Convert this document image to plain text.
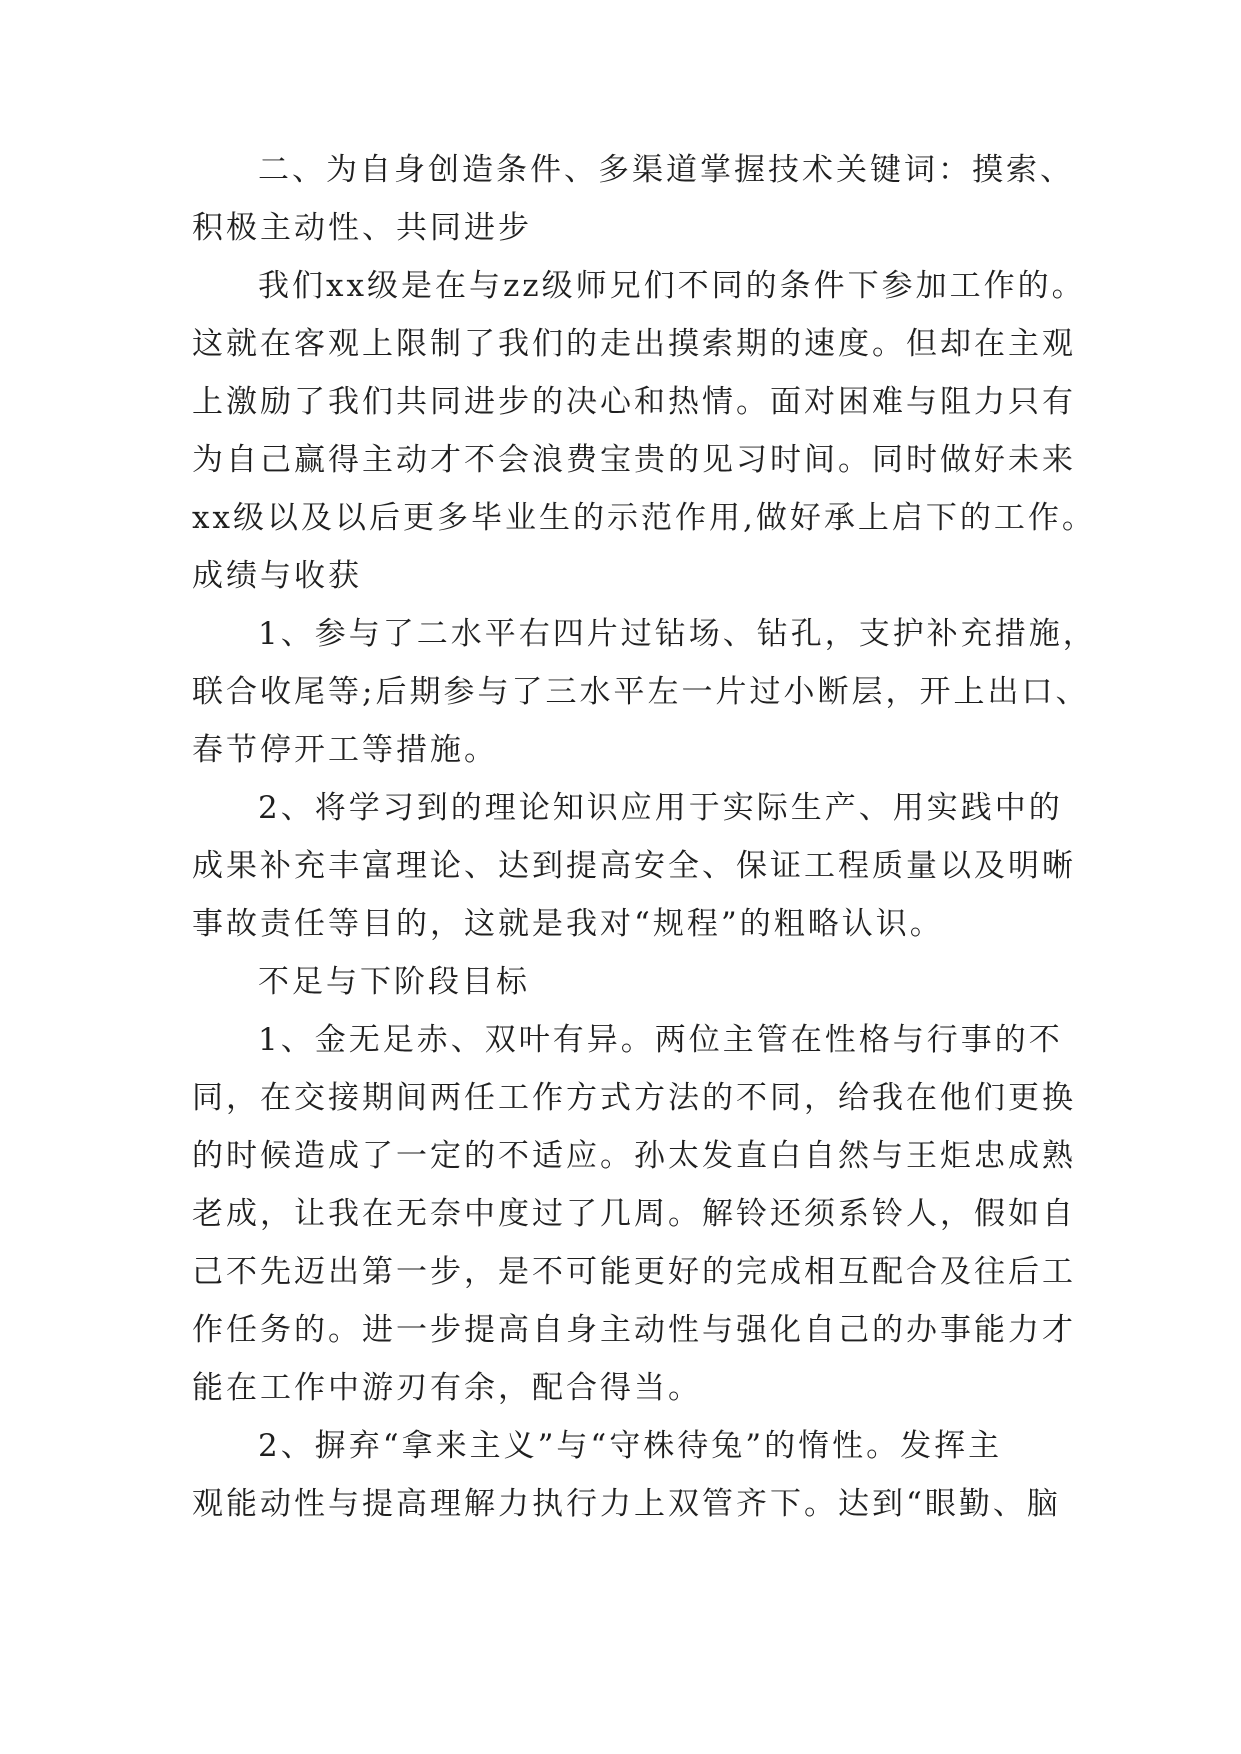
二、为自身创造条件、多渠道掌握技术关键词：摸索、

积极主动性、共同进步

我们xx级是在与zz级师兄们不同的条件下参加工作的。

这就在客观上限制了我们的走出摸索期的速度。但却在主观

上激励了我们共同进步的决心和热情。面对困难与阻力只有

为自己赢得主动才不会浪费宝贵的见习时间。同时做好未来

xx级以及以后更多毕业生的示范作用,做好承上启下的工作。

成绩与收获

1、参与了二水平右四片过钻场、钻孔，支护补充措施，

联合收尾等;后期参与了三水平左一片过小断层，开上出口、

春节停开工等措施。

2、将学习到的理论知识应用于实际生产、用实践中的

成果补充丰富理论、达到提高安全、保证工程质量以及明晰

事故责任等目的，这就是我对“规程”的粗略认识。

不足与下阶段目标

1、金无足赤、双叶有异。两位主管在性格与行事的不

同，在交接期间两任工作方式方法的不同，给我在他们更换

的时候造成了一定的不适应。孙太发直白自然与王炬忠成熟

老成，让我在无奈中度过了几周。解铃还须系铃人，假如自

己不先迈出第一步，是不可能更好的完成相互配合及往后工

作任务的。进一步提高自身主动性与强化自己的办事能力才

能在工作中游刃有余，配合得当。

2、摒弃“拿来主义”与“守株待兔”的惰性。发挥主

观能动性与提高理解力执行力上双管齐下。达到“眼勤、脑
